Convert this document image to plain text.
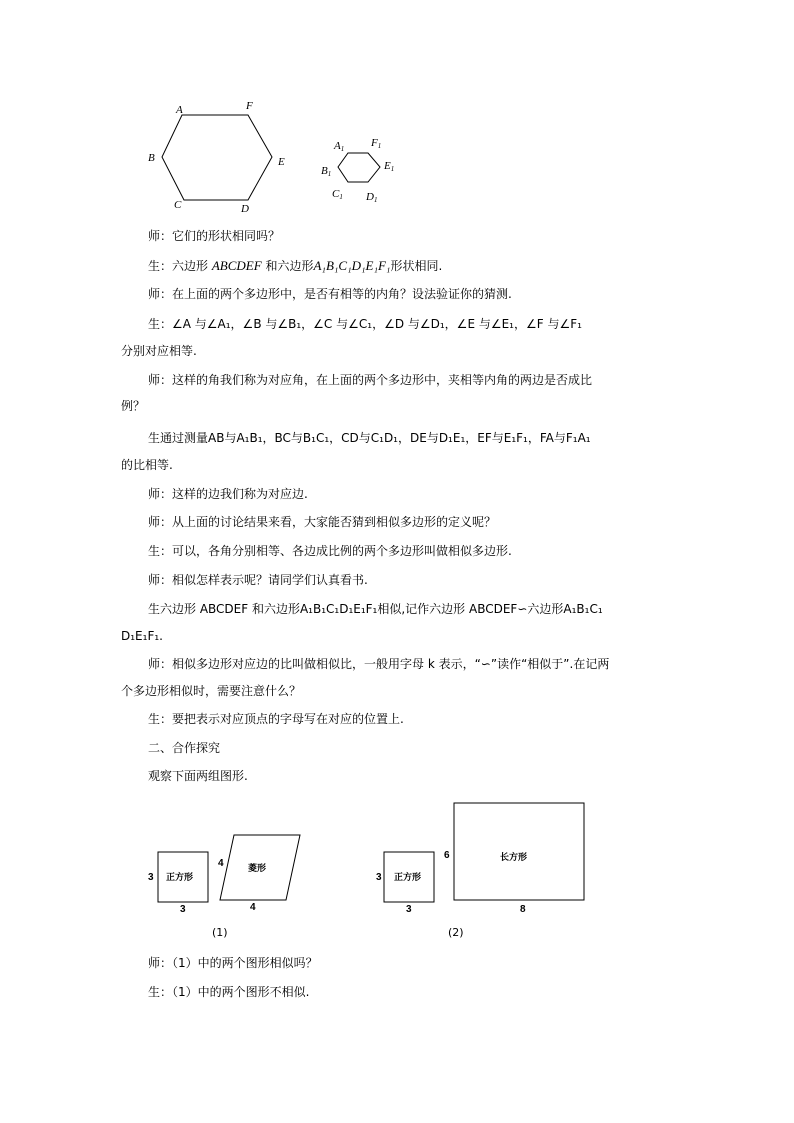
A	F
B	E
C	D
A1 F1
B1
E1
C1 D1
师：它们的形状相同吗？
生：六边形 ABCDEF 和六边形A₁B₁C₁D₁E₁F₁形状相同.
师：在上面的两个多边形中，是否有相等的内角？设法验证你的猜测.
生：∠A 与∠A₁，∠B 与∠B₁，∠C 与∠C₁，∠D 与∠D₁，∠E 与∠E₁，∠F 与∠F₁
分别对应相等.
师：这样的角我们称为对应角，在上面的两个多边形中，夹相等内角的两边是否成比
例？
生通过测量AB与A₁B₁，BC与B₁C₁，CD与C₁D₁，DE与D₁E₁，EF与E₁F₁，FA与F₁A₁
的比相等.
师：这样的边我们称为对应边.
师：从上面的讨论结果来看，大家能否猜到相似多边形的定义呢？
生：可以，各角分别相等、各边成比例的两个多边形叫做相似多边形.
师：相似怎样表示呢？请同学们认真看书.
生六边形 ABCDEF 和六边形A₁B₁C₁D₁E₁F₁相似,记作六边形 ABCDEF∽六边形A₁B₁C₁
D₁E₁F₁.
师：相似多边形对应边的比叫做相似比，一般用字母 k 表示，“∽”读作“相似于”.在记两
个多边形相似时，需要注意什么？
生：要把表示对应顶点的字母写在对应的位置上.
二、合作探究
观察下面两组图形.
正方形
3
3
菱形
4
4
(1)
正方形
3
3
长方形
6
8
(2)
师：（1）中的两个图形相似吗？
生：（1）中的两个图形不相似.
